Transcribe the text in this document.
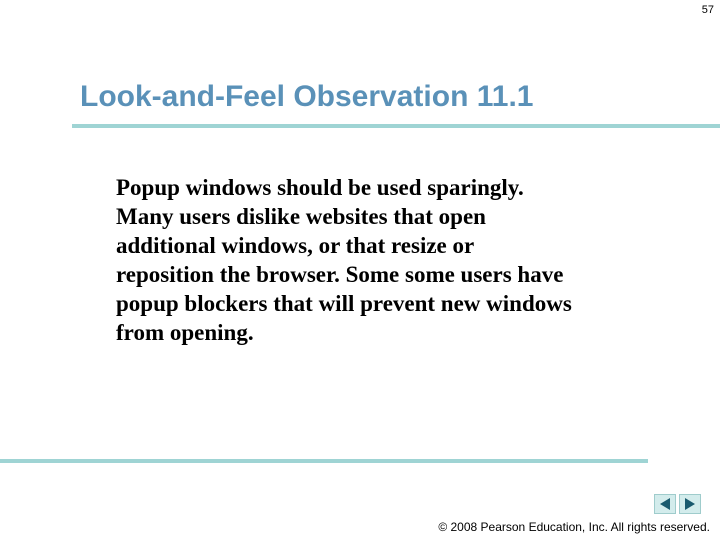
57
Look-and-Feel Observation 11.1
Popup windows should be used sparingly.
Many users dislike websites that open
additional windows, or that resize or
reposition the browser. Some some users have
popup blockers that will prevent new windows
from opening.
© 2008 Pearson Education, Inc. All rights reserved.
